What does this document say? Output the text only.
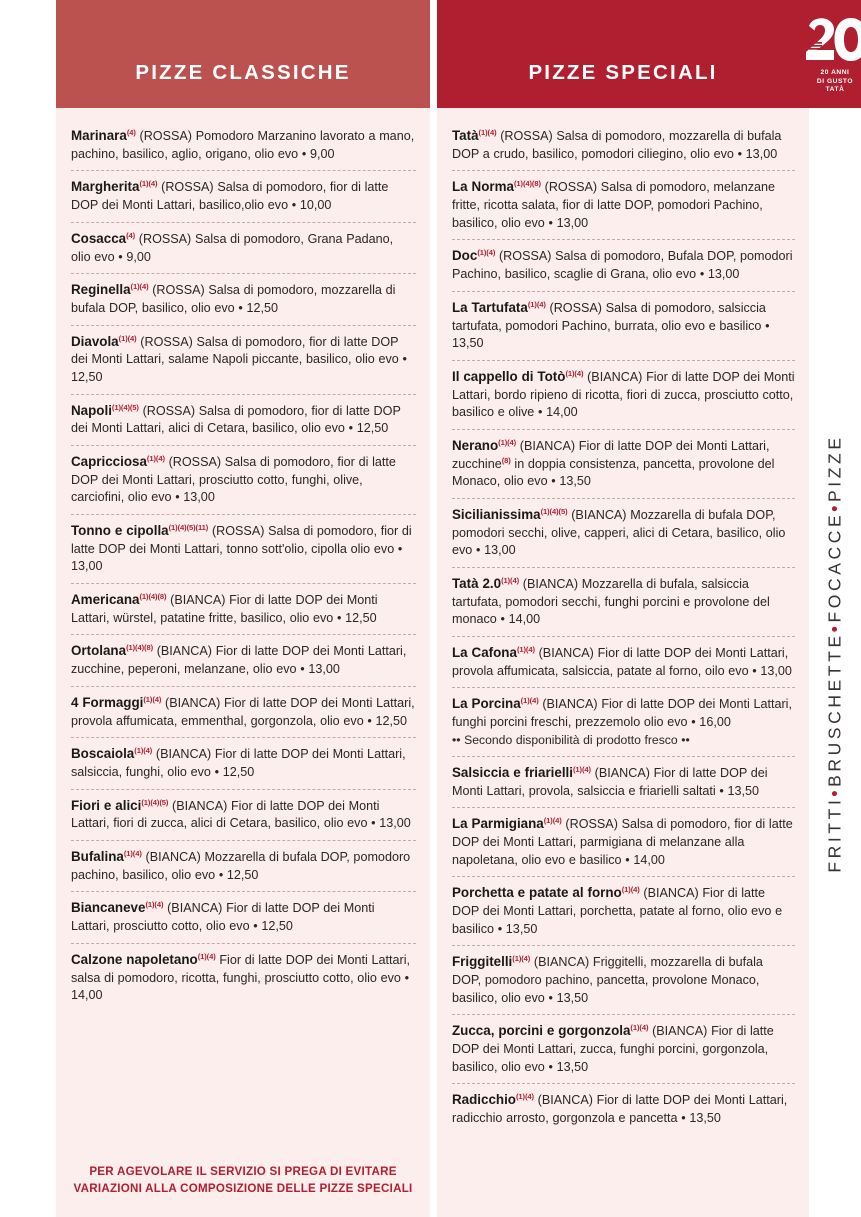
PIZZE CLASSICHE

Marinara$^{(4)}$ (ROSSA) Pomodoro Marzanino lavorato a mano, pachino, basilico, aglio, origano, olio evo • 9,00

Margherita$^{(1)(4)}$ (ROSSA) Salsa di pomodoro, fior di latte DOP dei Monti Lattari, basilico,olio evo • 10,00

Cosacca$^{(4)}$ (ROSSA) Salsa di pomodoro, Grana Padano, olio evo • 9,00

Reginella$^{(1)(4)}$ (ROSSA) Salsa di pomodoro, mozzarella di bufala DOP, basilico, olio evo • 12,50

Diavola$^{(1)(4)}$ (ROSSA) Salsa di pomodoro, fior di latte DOP dei Monti Lattari, salame Napoli piccante, basilico, olio evo • 12,50

Napoli$^{(1)(4)(5)}$ (ROSSA) Salsa di pomodoro, fior di latte DOP dei Monti Lattari, alici di Cetara, basilico, olio evo • 12,50

Capricciosa$^{(1)(4)}$ (ROSSA) Salsa di pomodoro, fior di latte DOP dei Monti Lattari, prosciutto cotto, funghi, olive, carciofini, olio evo • 13,00

Tonno e cipolla$^{(1)(4)(5)(11)}$ (ROSSA) Salsa di pomodoro, fior di latte DOP dei Monti Lattari, tonno sott'olio, cipolla olio evo • 13,00

Americana$^{(1)(4)(8)}$ (BIANCA) Fior di latte DOP dei Monti Lattari, würstel, patatine fritte, basilico, olio evo • 12,50

Ortolana$^{(1)(4)(8)}$ (BIANCA) Fior di latte DOP dei Monti Lattari, zucchine, peperoni, melanzane, olio evo • 13,00

4 Formaggi$^{(1)(4)}$ (BIANCA) Fior di latte DOP dei Monti Lattari, provola affumicata, emmenthal, gorgonzola, olio evo • 12,50

Boscaiola$^{(1)(4)}$ (BIANCA) Fior di latte DOP dei Monti Lattari, salsiccia, funghi, olio evo • 12,50

Fiori e alici$^{(1)(4)(5)}$ (BIANCA) Fior di latte DOP dei Monti Lattari, fiori di zucca, alici di Cetara, basilico, olio evo • 13,00

Bufalina$^{(1)(4)}$ (BIANCA) Mozzarella di bufala DOP, pomodoro pachino, basilico, olio evo • 12,50

Biancaneve$^{(1)(4)}$ (BIANCA) Fior di latte DOP dei Monti Lattari, prosciutto cotto, olio evo • 12,50

Calzone napoletano$^{(1)(4)}$ Fior di latte DOP dei Monti Lattari, salsa di pomodoro, ricotta, funghi, prosciutto cotto, olio evo • 14,00

PER AGEVOLARE IL SERVIZIO SI PREGA DI EVITARE VARIAZIONI ALLA COMPOSIZIONE DELLE PIZZE SPECIALI

PIZZE SPECIALI

Tatà$^{(1)(4)}$ (ROSSA) Salsa di pomodoro, mozzarella di bufala DOP a crudo, basilico, pomodori ciliegino, olio evo • 13,00

La Norma$^{(1)(4)(8)}$ (ROSSA) Salsa di pomodoro, melanzane fritte, ricotta salata, fior di latte DOP, pomodori Pachino, basilico, olio evo • 13,00

Doc$^{(1)(4)}$ (ROSSA) Salsa di pomodoro, Bufala DOP, pomodori Pachino, basilico, scaglie di Grana, olio evo • 13,00

La Tartufata$^{(1)(4)}$ (ROSSA) Salsa di pomodoro, salsiccia tartufata, pomodori Pachino, burrata, olio evo e basilico • 13,50

Il cappello di Totò$^{(1)(4)}$ (BIANCA) Fior di latte DOP dei Monti Lattari, bordo ripieno di ricotta, fiori di zucca, prosciutto cotto, basilico e olive • 14,00

Nerano$^{(1)(4)}$ (BIANCA) Fior di latte DOP dei Monti Lattari, zucchine$^{(8)}$ in doppia consistenza, pancetta, provolone del Monaco, olio evo • 13,50

Sicilianissima$^{(1)(4)(5)}$ (BIANCA) Mozzarella di bufala DOP, pomodori secchi, olive, capperi, alici di Cetara, basilico, olio evo • 13,00

Tatà $2.0^{(1)(4)}$ (BIANCA) Mozzarella di bufala, salsiccia tartufata, pomodori secchi, funghi porcini e provolone del monaco • 14,00

La Cafona$^{(1)(4)}$ (BIANCA) Fior di latte DOP dei Monti Lattari, provola affumicata, salsiccia, patate al forno, oilo evo • 13,00

La Porcina$^{(1)(4)}$ (BIANCA) Fior di latte DOP dei Monti Lattari, funghi porcini freschi, prezzemolo olio evo • 16,00
•• Secondo disponibilità di prodotto fresco ••

Salsiccia e friarielli$^{(1)(4)}$ (BIANCA) Fior di latte DOP dei Monti Lattari, provola, salsiccia e friarielli saltati • 13,50

La Parmigiana$^{(1)(4)}$ (ROSSA) Salsa di pomodoro, fior di latte DOP dei Monti Lattari, parmigiana di melanzane alla napoletana, olio evo e basilico • 14,00

Porchetta e patate al forno$^{(1)(4)}$ (BIANCA) Fior di latte DOP dei Monti Lattari, porchetta, patate al forno, olio evo e basilico • 13,50

Friggitelli$^{(1)(4)}$ (BIANCA) Friggitelli, mozzarella di bufala DOP, pomodoro pachino, pancetta, provolone Monaco, basilico, olio evo • 13,50

Zucca, porcini e gorgonzola$^{(1)(4)}$ (BIANCA) Fior di latte DOP dei Monti Lattari, zucca, funghi porcini, gorgonzola, basilico, olio evo • 13,50

Radicchio$^{(1)(4)}$ (BIANCA) Fior di latte DOP dei Monti Lattari, radicchio arrosto, gorgonzola e pancetta • 13,50

20 ANNI
DI GUSTO TATÀ
FRITTI•BRUSCHETTE•FOCACCE•PIZZE
